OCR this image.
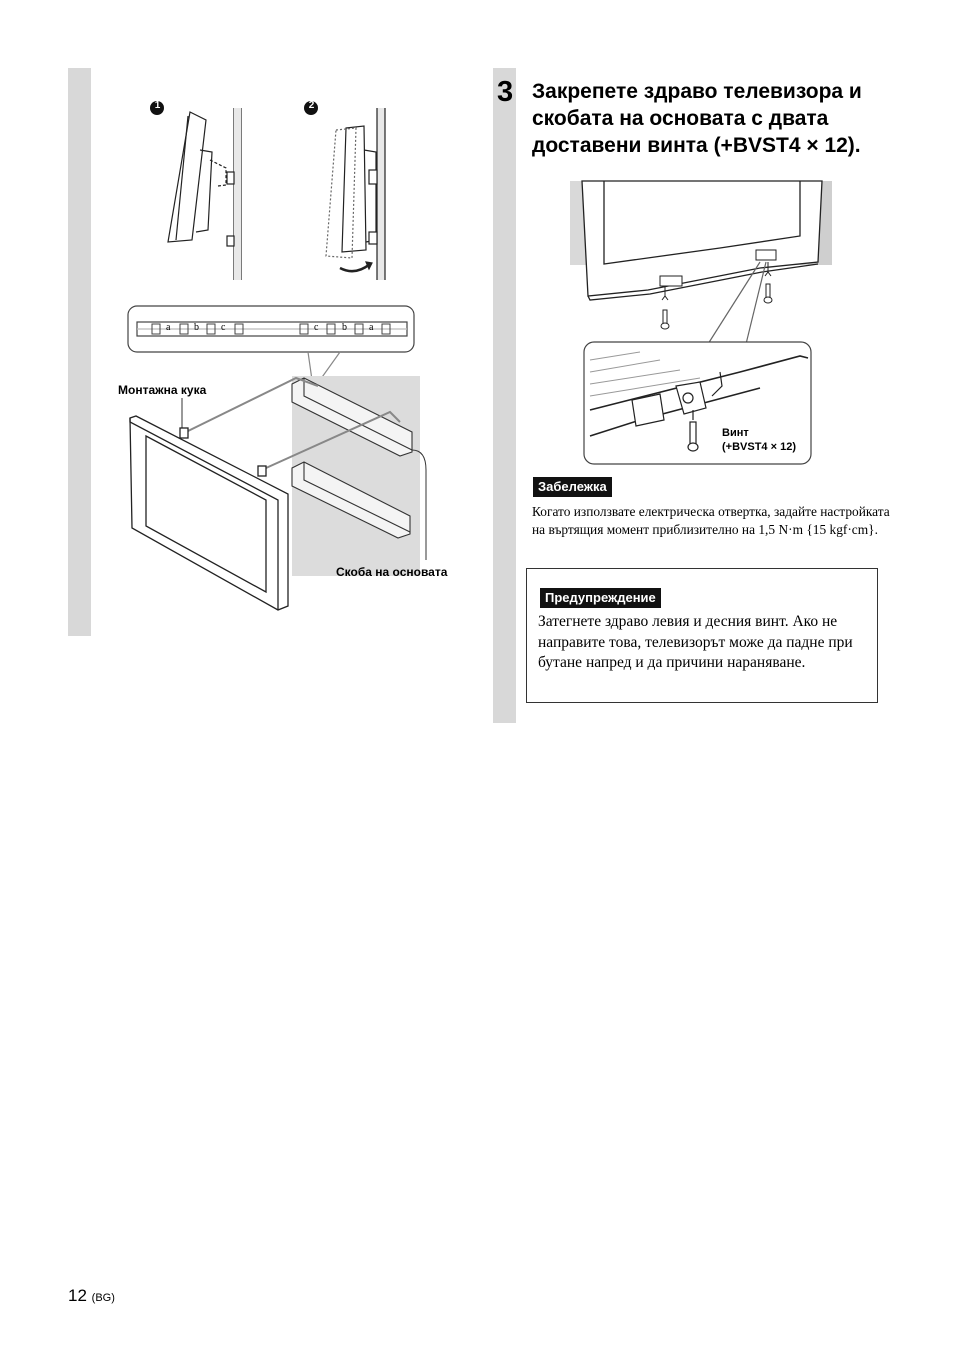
1	2
a b c	c b a
Монтажна кука
Скоба на основата
3 Закрепете здраво телевизора и скобата на основата с двата доставени винта (+BVST4 × 12).
Винт
(+BVST4 × 12)
Забележка
Когато използвате електрическа отвертка, задайте настройката на въртящия момент приблизително на 1,5 N·m {15 kgf·cm}.
Предупреждение
Затегнете здраво левия и десния винт. Ако не направите това, телевизорът може да падне при бутане напред и да причини нараняване.
12 (BG)
